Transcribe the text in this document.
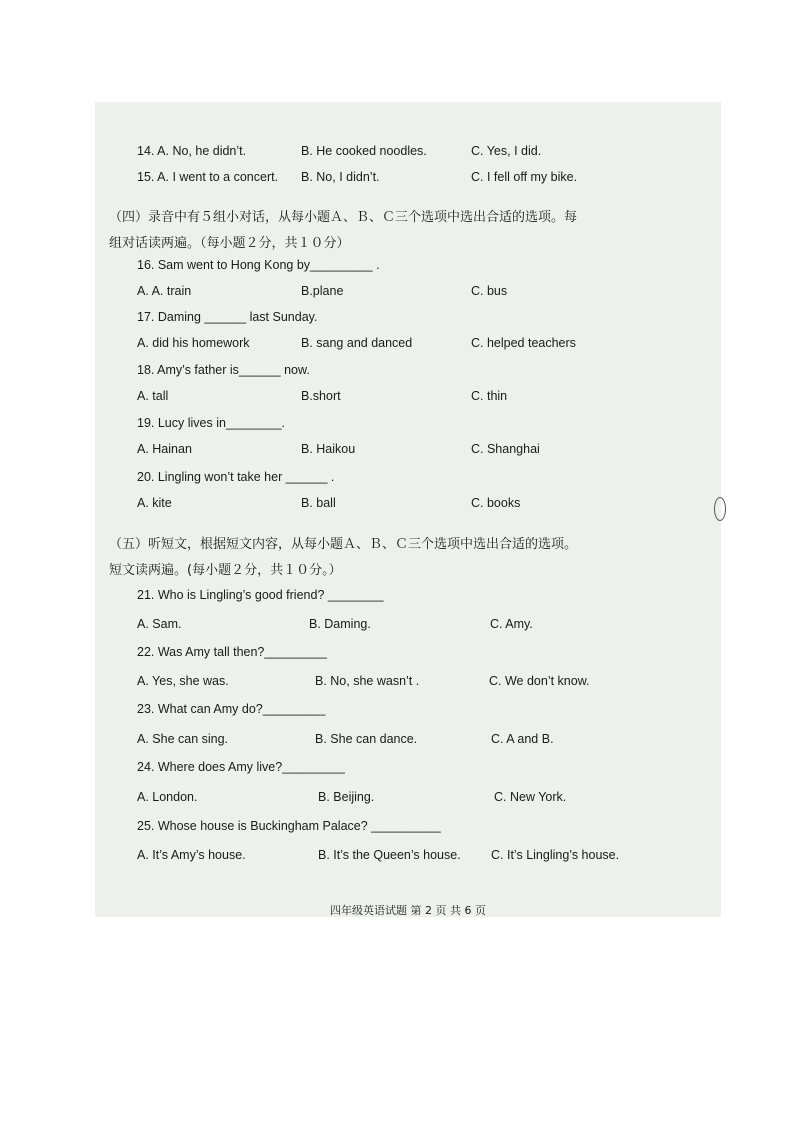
14. A. No, he didn’t.	B. He cooked noodles.	C. Yes, I did.
15. A. I went to a concert. B. No, I didn’t.	C. I fell off my bike.
（四）录音中有５组小对话，从每小题Ａ、Ｂ、Ｃ三个选项中选出合适的选项。每
组对话读两遍。（每小题２分，共１０分）
16. Sam went to Hong Kong by_________ .
A. A. train	B.plane	C. bus
17. Daming ______ last Sunday.
A. did his homework	B. sang and danced	C. helped teachers
18. Amy’s father is______ now.
A. tall	B.short	C. thin
19. Lucy lives in________.
A. Hainan	B. Haikou	C. Shanghai
20. Lingling won’t take her ______ .
A. kite	B. ball	C. books
（五）听短文，根据短文内容，从每小题Ａ、Ｂ、Ｃ三个选项中选出合适的选项。
短文读两遍。(每小题２分，共１０分。）
21. Who is Lingling’s good friend? ________
A. Sam.	B. Daming.	C. Amy.
22. Was Amy tall then?_________
A. Yes, she was.	B. No, she wasn’t .	C. We don’t know.
23. What can Amy do?_________
A. She can sing.	B. She can dance.	C. A and B.
24. Where does Amy live?_________
A. London.	B. Beijing.	C. New York.
25. Whose house is Buckingham Palace? __________
A. It’s Amy’s house.	B. It’s the Queen’s house. C. It’s Lingling’s house.
四年级英语试题 第 2 页 共 6 页
